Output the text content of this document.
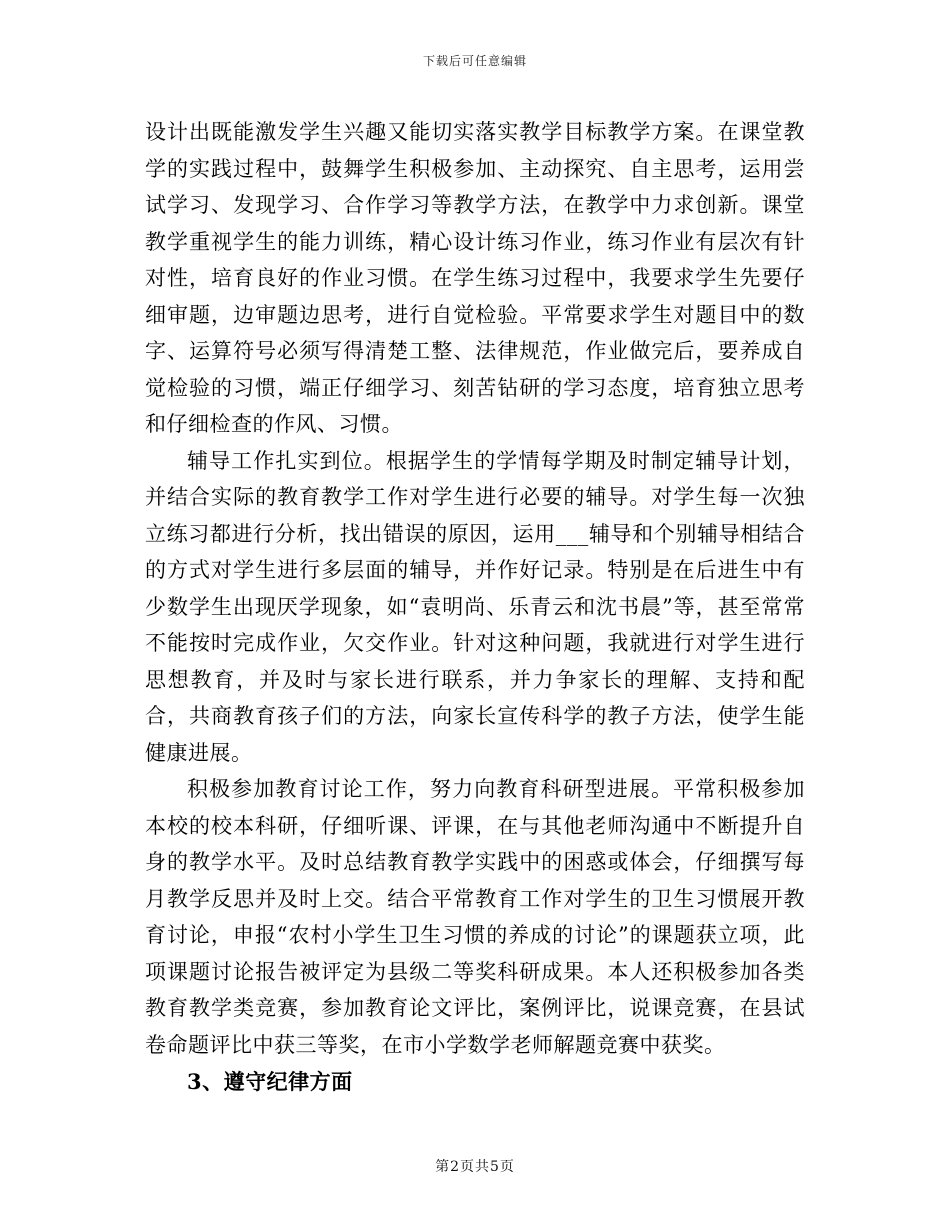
下载后可任意编辑

设计出既能激发学生兴趣又能切实落实教学目标教学方案。在课堂教学的实践过程中，鼓舞学生积极参加、主动探究、自主思考，运用尝试学习、发现学习、合作学习等教学方法，在教学中力求创新。课堂教学重视学生的能力训练，精心设计练习作业，练习作业有层次有针对性，培育良好的作业习惯。在学生练习过程中，我要求学生先要仔细审题，边审题边思考，进行自觉检验。平常要求学生对题目中的数字、运算符号必须写得清楚工整、法律规范，作业做完后，要养成自觉检验的习惯，端正仔细学习、刻苦钻研的学习态度，培育独立思考和仔细检查的作风、习惯。

辅导工作扎实到位。根据学生的学情每学期及时制定辅导计划，并结合实际的教育教学工作对学生进行必要的辅导。对学生每一次独立练习都进行分析，找出错误的原因，运用___辅导和个别辅导相结合的方式对学生进行多层面的辅导，并作好记录。特别是在后进生中有少数学生出现厌学现象，如“袁明尚、乐青云和沈书晨”等，甚至常常不能按时完成作业，欠交作业。针对这种问题，我就进行对学生进行思想教育，并及时与家长进行联系，并力争家长的理解、支持和配合，共商教育孩子们的方法，向家长宣传科学的教子方法，使学生能健康进展。

积极参加教育讨论工作，努力向教育科研型进展。平常积极参加本校的校本科研，仔细听课、评课，在与其他老师沟通中不断提升自身的教学水平。及时总结教育教学实践中的困惑或体会，仔细撰写每月教学反思并及时上交。结合平常教育工作对学生的卫生习惯展开教育讨论，申报“农村小学生卫生习惯的养成的讨论”的课题获立项，此项课题讨论报告被评定为县级二等奖科研成果。本人还积极参加各类教育教学类竞赛，参加教育论文评比，案例评比，说课竞赛，在县试卷命题评比中获三等奖，在市小学数学老师解题竞赛中获奖。

3、遵守纪律方面

第2页共5页
